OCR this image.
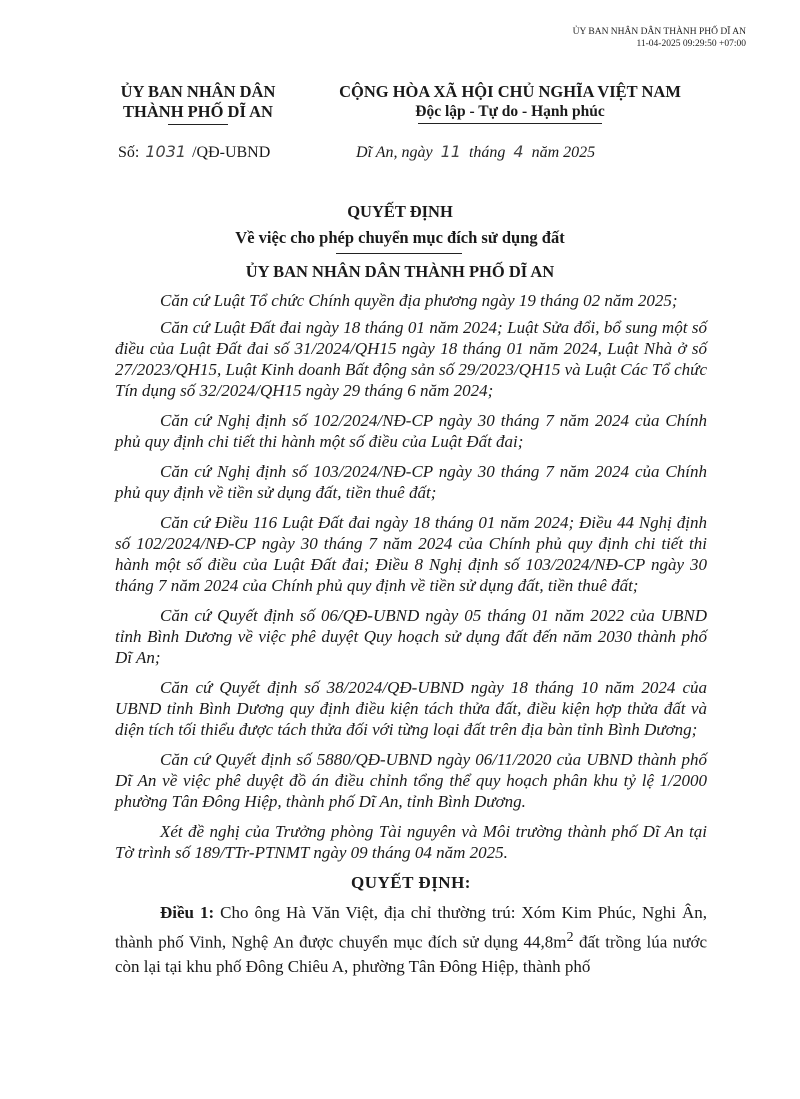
ỦY BAN NHÂN DÂN THÀNH PHỐ DĨ AN
11-04-2025 09:29:50 +07:00
ỦY BAN NHÂN DÂN
THÀNH PHỐ DĨ AN
CỘNG HÒA XÃ HỘI CHỦ NGHĨA VIỆT NAM
Độc lập - Tự do - Hạnh phúc
Số: 1031 /QĐ-UBND	Dĩ An, ngày 11 tháng 4 năm 2025
QUYẾT ĐỊNH
Về việc cho phép chuyển mục đích sử dụng đất
ỦY BAN NHÂN DÂN THÀNH PHỐ DĨ AN

Căn cứ Luật Tổ chức Chính quyền địa phương ngày 19 tháng 02 năm 2025;

Căn cứ Luật Đất đai ngày 18 tháng 01 năm 2024; Luật Sửa đổi, bổ sung một số điều của Luật Đất đai số 31/2024/QH15 ngày 18 tháng 01 năm 2024, Luật Nhà ở số 27/2023/QH15, Luật Kinh doanh Bất động sản số 29/2023/QH15 và Luật Các Tổ chức Tín dụng số 32/2024/QH15 ngày 29 tháng 6 năm 2024;

Căn cứ Nghị định số 102/2024/NĐ-CP ngày 30 tháng 7 năm 2024 của Chính phủ quy định chi tiết thi hành một số điều của Luật Đất đai;

Căn cứ Nghị định số 103/2024/NĐ-CP ngày 30 tháng 7 năm 2024 của Chính phủ quy định về tiền sử dụng đất, tiền thuê đất;

Căn cứ Điều 116 Luật Đất đai ngày 18 tháng 01 năm 2024; Điều 44 Nghị định số 102/2024/NĐ-CP ngày 30 tháng 7 năm 2024 của Chính phủ quy định chi tiết thi hành một số điều của Luật Đất đai; Điều 8 Nghị định số 103/2024/NĐ-CP ngày 30 tháng 7 năm 2024 của Chính phủ quy định về tiền sử dụng đất, tiền thuê đất;

Căn cứ Quyết định số 06/QĐ-UBND ngày 05 tháng 01 năm 2022 của UBND tỉnh Bình Dương về việc phê duyệt Quy hoạch sử dụng đất đến năm 2030 thành phố Dĩ An;

Căn cứ Quyết định số 38/2024/QĐ-UBND ngày 18 tháng 10 năm 2024 của UBND tỉnh Bình Dương quy định điều kiện tách thửa đất, điều kiện hợp thửa đất và diện tích tối thiểu được tách thửa đối với từng loại đất trên địa bàn tỉnh Bình Dương;

Căn cứ Quyết định số 5880/QĐ-UBND ngày 06/11/2020 của UBND thành phố Dĩ An về việc phê duyệt đồ án điều chỉnh tổng thể quy hoạch phân khu tỷ lệ 1/2000 phường Tân Đông Hiệp, thành phố Dĩ An, tỉnh Bình Dương.

Xét đề nghị của Trưởng phòng Tài nguyên và Môi trường thành phố Dĩ An tại Tờ trình số 189/TTr-PTNMT ngày 09 tháng 04 năm 2025.

QUYẾT ĐỊNH:

Điều 1: Cho ông Hà Văn Việt, địa chỉ thường trú: Xóm Kim Phúc, Nghi Ân, thành phố Vinh, Nghệ An được chuyển mục đích sử dụng $44,8m^2$ đất trồng lúa nước còn lại tại khu phố Đông Chiêu A, phường Tân Đông Hiệp, thành phố
